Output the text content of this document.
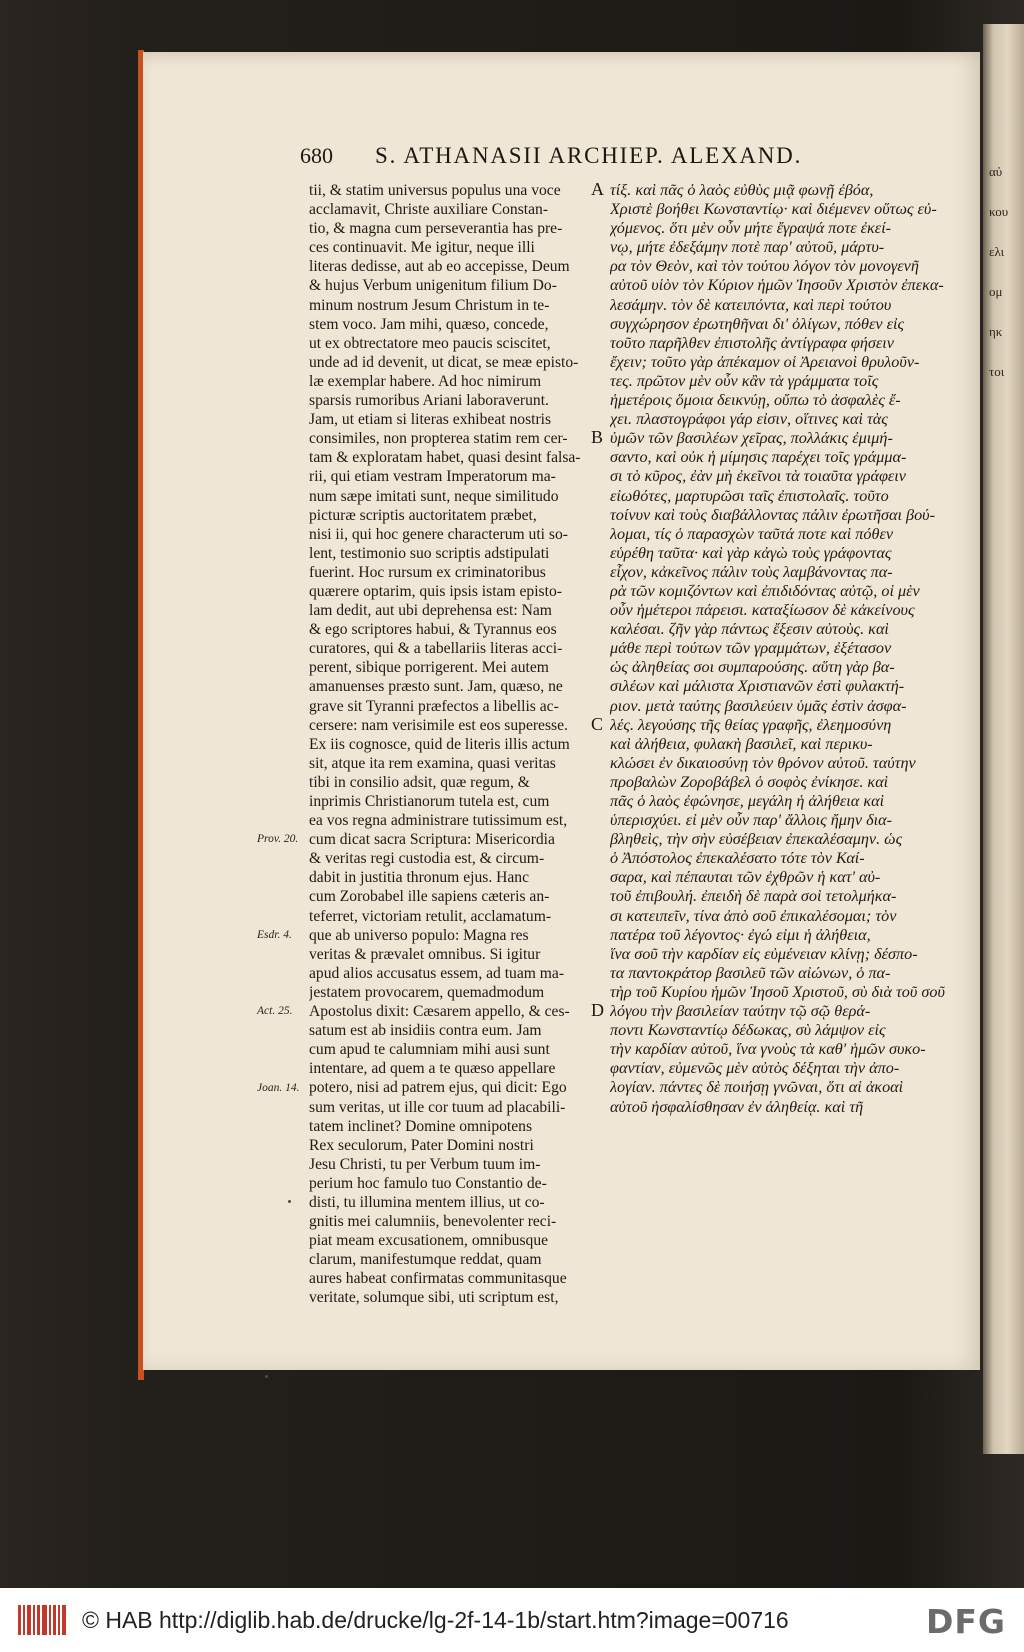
αὐ
κου
ελι
ομ
ηκ
τοι
680 S. ATHANASII ARCHIEP. ALEXAND.
tii, & statim universus populus una voce
acclamavit, Christe auxiliare Constan-
tio, & magna cum perseverantia has pre-
ces continuavit. Me igitur, neque illi
literas dedisse, aut ab eo accepisse, Deum
& hujus Verbum unigenitum filium Do-
minum nostrum Jesum Christum in te-
stem voco. Jam mihi, quæso, concede,
ut ex obtrectatore meo paucis sciscitet,
unde ad id devenit, ut dicat, se meæ episto-
læ exemplar habere. Ad hoc nimirum
sparsis rumoribus Ariani laboraverunt.
Jam, ut etiam si literas exhibeat nostris
consimiles, non propterea statim rem cer-
tam & exploratam habet, quasi desint falsa-
rii, qui etiam vestram Imperatorum ma-
num sæpe imitati sunt, neque similitudo
picturæ scriptis auctoritatem præbet,
nisi ii, qui hoc genere characterum uti so-
lent, testimonio suo scriptis adstipulati
fuerint. Hoc rursum ex criminatoribus
quærere optarim, quis ipsis istam episto-
lam dedit, aut ubi deprehensa est: Nam
& ego scriptores habui, & Tyrannus eos
curatores, qui & a tabellariis literas acci-
perent, sibique porrigerent. Mei autem
amanuenses præsto sunt. Jam, quæso, ne
grave sit Tyranni præfectos a libellis ac-
cersere: nam verisimile est eos superesse.
Ex iis cognosce, quid de literis illis actum
sit, atque ita rem examina, quasi veritas
tibi in consilio adsit, quæ regum, &
inprimis Christianorum tutela est, cum
ea vos regna administrare tutissimum est,
cum dicat sacra Scriptura: Misericordia
& veritas regi custodia est, & circum-
dabit in justitia thronum ejus. Hanc
cum Zorobabel ille sapiens cæteris an-
teferret, victoriam retulit, acclamatum-
que ab universo populo: Magna res
veritas & prævalet omnibus. Si igitur
apud alios accusatus essem, ad tuam ma-
jestatem provocarem, quemadmodum
Apostolus dixit: Cæsarem appello, & ces-
satum est ab insidiis contra eum. Jam
cum apud te calumniam mihi ausi sunt
intentare, ad quem a te quæso appellare
potero, nisi ad patrem ejus, qui dicit: Ego
sum veritas, ut ille cor tuum ad placabili-
tatem inclinet? Domine omnipotens
Rex seculorum, Pater Domini nostri
Jesu Christi, tu per Verbum tuum im-
perium hoc famulo tuo Constantio de-
disti, tu illumina mentem illius, ut co-
gnitis mei calumniis, benevolenter reci-
piat meam excusationem, omnibusque
clarum, manifestumque reddat, quam
aures habeat confirmatas communitasque
veritate, solumque sibi, uti scriptum est,
τίξ. καὶ πᾶς ὁ λαὸς εὐθὺς μιᾷ φωνῇ ἐβόα,
Χριστὲ βοήθει Κωνσταντίῳ· καὶ διέμενεν οὕτως εὐ-
χόμενος. ὅτι μὲν οὖν μήτε ἔγραψά ποτε ἐκεί-
νῳ, μήτε ἐδεξάμην ποτὲ παρ' αὐτοῦ, μάρτυ-
ρα τὸν Θεὸν, καὶ τὸν τούτου λόγον τὸν μονογενῆ
αὐτοῦ υἱὸν τὸν Κύριον ἡμῶν Ἰησοῦν Χριστὸν ἐπεκα-
λεσάμην. τὸν δὲ κατειπόντα, καὶ περὶ τούτου
συγχώρησον ἐρωτηθῆναι δι' ὀλίγων, πόθεν εἰς
τοῦτο παρῆλθεν ἐπιστολῆς ἀντίγραφα φήσειν
ἔχειν; τοῦτο γὰρ ἀπέκαμον οἱ Ἀρειανοὶ θρυλοῦν-
τες. πρῶτον μὲν οὖν κἂν τὰ γράμματα τοῖς
ἡμετέροις ὅμοια δεικνύῃ, οὔπω τὸ ἀσφαλὲς ἔ-
χει. πλαστογράφοι γάρ εἰσιν, οἵτινες καὶ τὰς
ὑμῶν τῶν βασιλέων χεῖρας, πολλάκις ἐμιμή-
σαντο, καὶ οὐκ ἡ μίμησις παρέχει τοῖς γράμμα-
σι τὸ κῦρος, ἐὰν μὴ ἐκεῖνοι τὰ τοιαῦτα γράφειν
εἰωθότες, μαρτυρῶσι ταῖς ἐπιστολαῖς. τοῦτο
τοίνυν καὶ τοὺς διαβάλλοντας πάλιν ἐρωτῆσαι βού-
λομαι, τίς ὁ παρασχὼν ταῦτά ποτε καὶ πόθεν
εὑρέθη ταῦτα· καὶ γὰρ κἀγὼ τοὺς γράφοντας
εἶχον, κἀκεῖνος πάλιν τοὺς λαμβάνοντας πα-
ρὰ τῶν κομιζόντων καὶ ἐπιδιδόντας αὐτῷ, οἱ μὲν
οὖν ἡμέτεροι πάρεισι. καταξίωσον δὲ κἀκείνους
καλέσαι. ζῆν γὰρ πάντως ἔξεσιν αὐτοὺς. καὶ
μάθε περὶ τούτων τῶν γραμμάτων, ἐξέτασον
ὡς ἀληθείας σοι συμπαρούσης. αὕτη γὰρ βα-
σιλέων καὶ μάλιστα Χριστιανῶν ἐστὶ φυλακτή-
ριον. μετὰ ταύτης βασιλεύειν ὑμᾶς ἐστὶν ἀσφα-
λές. λεγούσης τῆς θείας γραφῆς, ἐλεημοσύνη
καὶ ἀλήθεια, φυλακὴ βασιλεῖ, καὶ περικυ-
κλώσει ἐν δικαιοσύνῃ τὸν θρόνον αὐτοῦ. ταύτην
προβαλὼν Ζοροβάβελ ὁ σοφὸς ἐνίκησε. καὶ
πᾶς ὁ λαὸς ἐφώνησε, μεγάλη ἡ ἀλήθεια καὶ
ὑπερισχύει. εἰ μὲν οὖν παρ' ἄλλοις ἤμην δια-
βληθεὶς, τὴν σὴν εὐσέβειαν ἐπεκαλέσαμην. ὡς
ὁ Ἀπόστολος ἐπεκαλέσατο τότε τὸν Καί-
σαρα, καὶ πέπαυται τῶν ἐχθρῶν ἡ κατ' αὐ-
τοῦ ἐπιβουλή. ἐπειδὴ δὲ παρὰ σοὶ τετολμήκα-
σι κατειπεῖν, τίνα ἀπὸ σοῦ ἐπικαλέσομαι; τὸν
πατέρα τοῦ λέγοντος· ἐγώ εἰμι ἡ ἀλήθεια,
ἵνα σοῦ τὴν καρδίαν εἰς εὐμένειαν κλίνῃ; δέσπο-
τα παντοκράτορ βασιλεῦ τῶν αἰώνων, ὁ πα-
τὴρ τοῦ Κυρίου ἡμῶν Ἰησοῦ Χριστοῦ, σὺ διὰ τοῦ σοῦ
λόγου τὴν βασιλείαν ταύτην τῷ σῷ θερά-
ποντι Κωνσταντίῳ δέδωκας, σὺ λάμψον εἰς
τὴν καρδίαν αὐτοῦ, ἵνα γνοὺς τὰ καθ' ἡμῶν συκο-
φαντίαν, εὐμενῶς μὲν αὐτὸς δέξηται τὴν ἀπο-
λογίαν. πάντες δὲ ποιήσῃ γνῶναι, ὅτι αἱ ἀκοαὶ
αὐτοῦ ἠσφαλίσθησαν ἐν ἀληθείᾳ. καὶ τῆ
A
B
C
D
Prov. 20.
Esdr. 4.
Act. 25.
Joan. 14.
© HAB http://diglib.hab.de/drucke/lg-2f-14-1b/start.htm?image=00716	DFG
